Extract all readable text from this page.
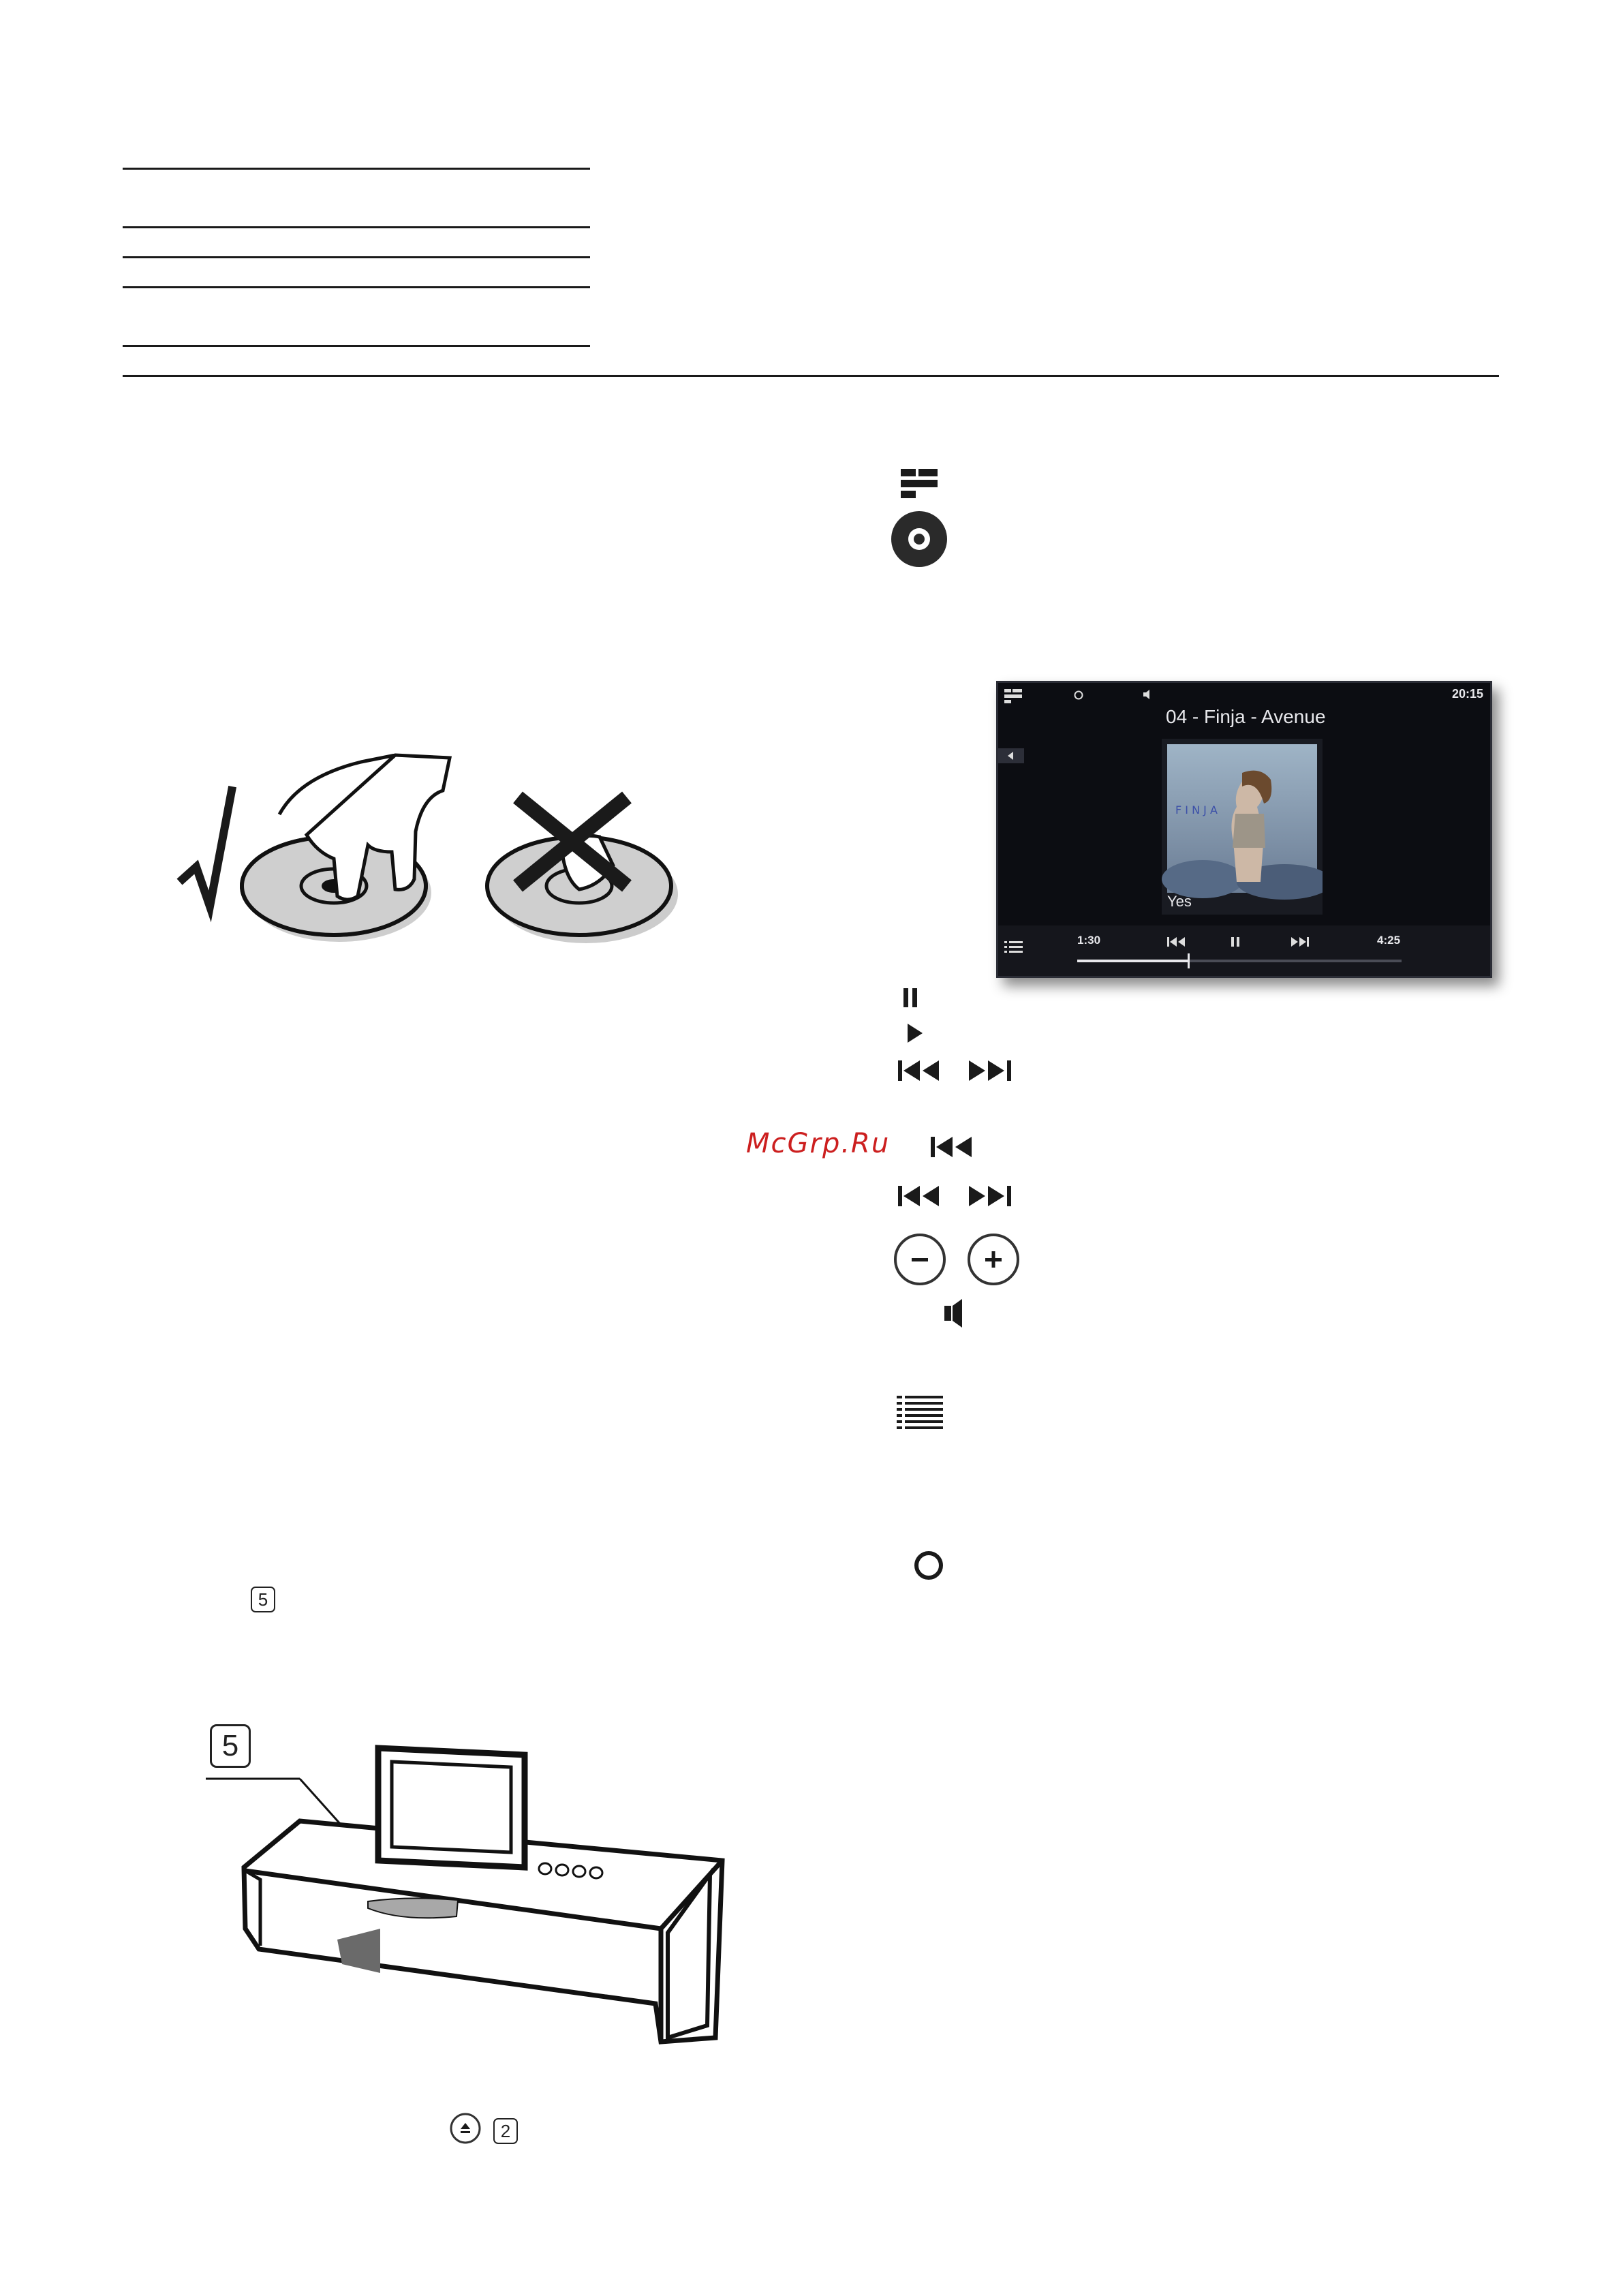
20:15
04 - Finja - Avenue
F I N J A
Yes
1:30	4:25
McGrp.Ru
5
5
2
